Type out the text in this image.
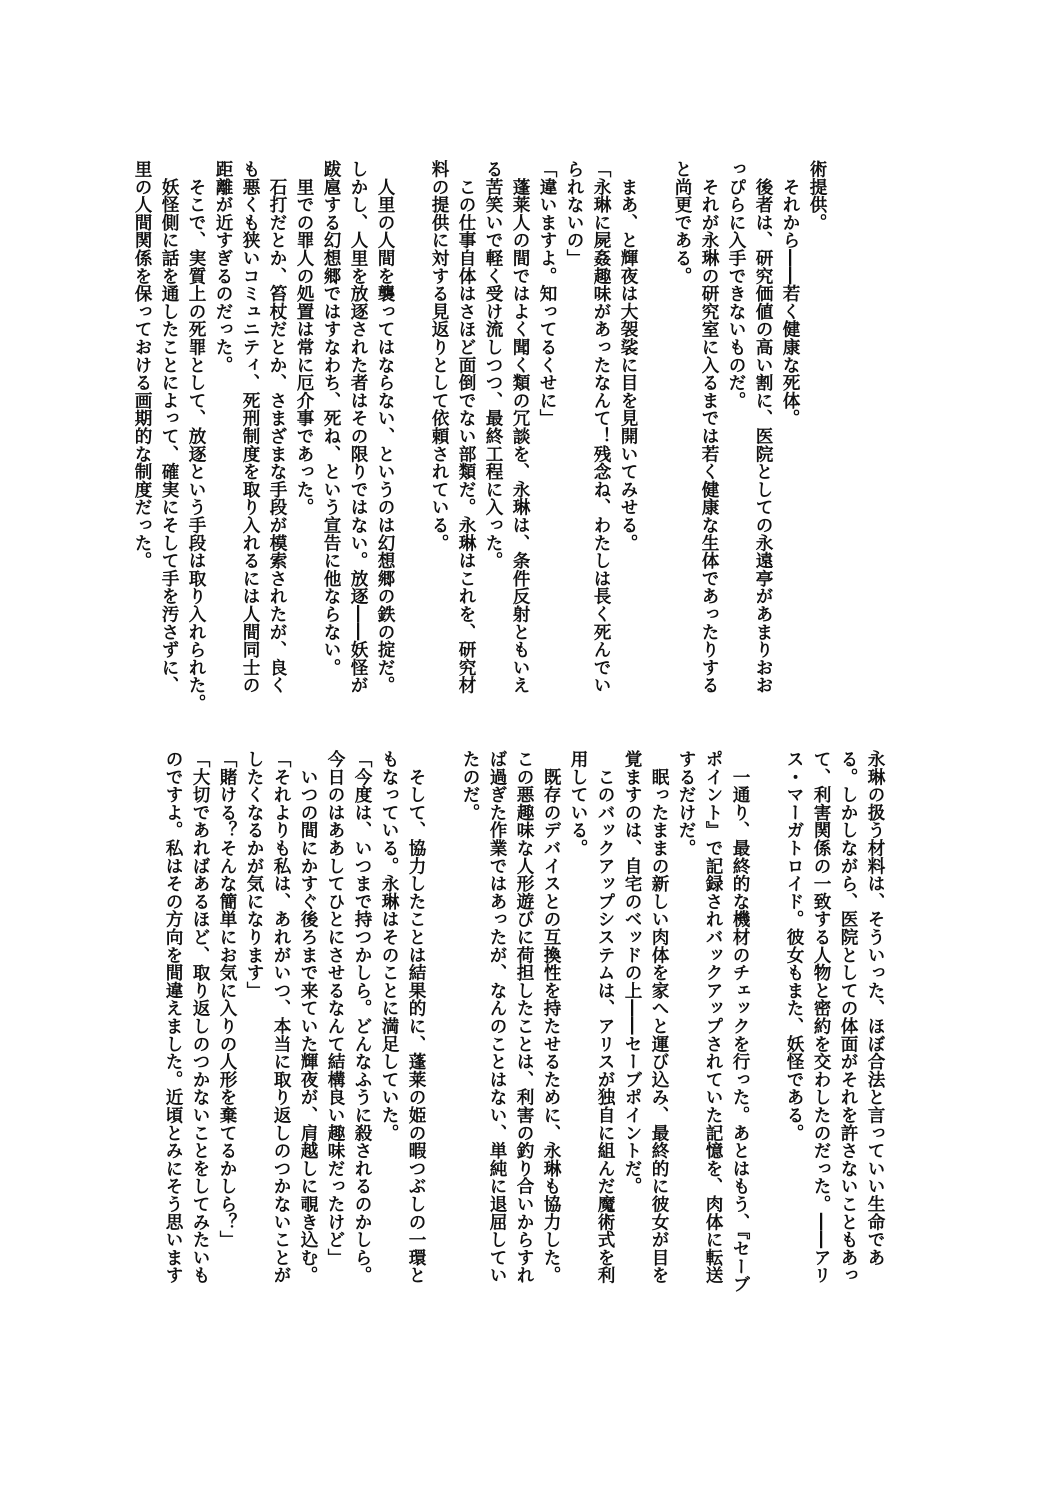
術提供。
　それから――若く健康な死体。
　後者は、研究価値の高い割に、医院としての永遠亭があまりおお
っぴらに入手できないものだ。
　それが永琳の研究室に入るまでは若く健康な生体であったりする
と尚更である。

　まあ、と輝夜は大袈裟に目を見開いてみせる。
「永琳に屍姦趣味があったなんて！残念ね、わたしは長く死んでい
られないの」
「違いますよ。知ってるくせに」
　蓬莱人の間ではよく聞く類の冗談を、永琳は、条件反射ともいえ
る苦笑いで軽く受け流しつつ、最終工程に入った。
　この仕事自体はさほど面倒でない部類だ。永琳はこれを、研究材
料の提供に対する見返りとして依頼されている。

　人里の人間を襲ってはならない、というのは幻想郷の鉄の掟だ。
しかし、人里を放逐された者はその限りではない。放逐――妖怪が
跋扈する幻想郷ではすなわち、死ね、という宣告に他ならない。
　里での罪人の処置は常に厄介事であった。
　石打だとか、笞杖だとか、さまざまな手段が模索されたが、良く
も悪くも狭いコミュニティ、死刑制度を取り入れるには人間同士の
距離が近すぎるのだった。
　そこで、実質上の死罪として、放逐という手段は取り入れられた。
　妖怪側に話を通したことによって、確実にそして手を汚さずに、
里の人間関係を保っておける画期的な制度だった。
永琳の扱う材料は、そういった、ほぼ合法と言っていい生命であ
る。しかしながら、医院としての体面がそれを許さないこともあっ
て、利害関係の一致する人物と密約を交わしたのだった。――アリ
ス・マーガトロイド。彼女もまた、妖怪である。

　一通り、最終的な機材のチェックを行った。あとはもう、『セーブ
ポイント』で記録されバックアップされていた記憶を、肉体に転送
するだけだ。
　眠ったままの新しい肉体を家へと運び込み、最終的に彼女が目を
覚ますのは、自宅のベッドの上――セーブポイントだ。
　このバックアップシステムは、アリスが独自に組んだ魔術式を利
用している。
　既存のデバイスとの互換性を持たせるために、永琳も協力した。
この悪趣味な人形遊びに荷担したことは、利害の釣り合いからすれ
ば過ぎた作業ではあったが、なんのことはない、単純に退屈してい
たのだ。

　そして、協力したことは結果的に、蓬莱の姫の暇つぶしの一環と
もなっている。永琳はそのことに満足していた。
「今度は、いつまで持つかしら。どんなふうに殺されるのかしら。
今日のはああしてひとにさせるなんて結構良い趣味だったけど」
　いつの間にかすぐ後ろまで来ていた輝夜が、肩越しに覗き込む。
「それよりも私は、あれがいつ、本当に取り返しのつかないことが
したくなるかが気になります」
「賭ける？そんな簡単にお気に入りの人形を棄てるかしら？」
「大切であればあるほど、取り返しのつかないことをしてみたいも
のですよ。私はその方向を間違えました。近頃とみにそう思います
